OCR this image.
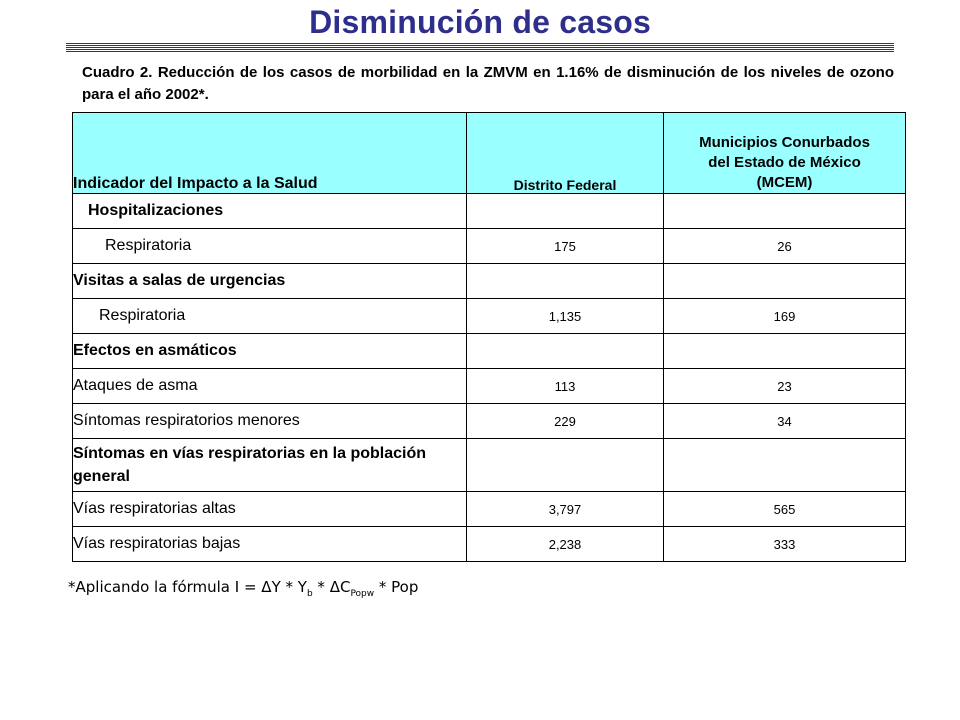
Disminución de casos
Cuadro 2. Reducción de los casos de morbilidad en la ZMVM en 1.16% de disminución de los niveles de ozono para el año 2002*.
Indicador del Impacto a la Salud	Distrito Federal	Municipios Conurbados
del Estado de México
(MCEM)

Hospitalizaciones		
Respiratoria	175	26
Visitas a salas de urgencias		
Respiratoria	1,135	169
Efectos en asmáticos		
Ataques de asma	113	23
Síntomas respiratorios menores	229	34
Síntomas en vías respiratorias en la población general		
Vías respiratorias altas	3,797	565
Vías respiratorias bajas	2,238	333
*Aplicando la fórmula $I = \Delta Y * Y_b * \Delta C_{Popw}$ * Pop
